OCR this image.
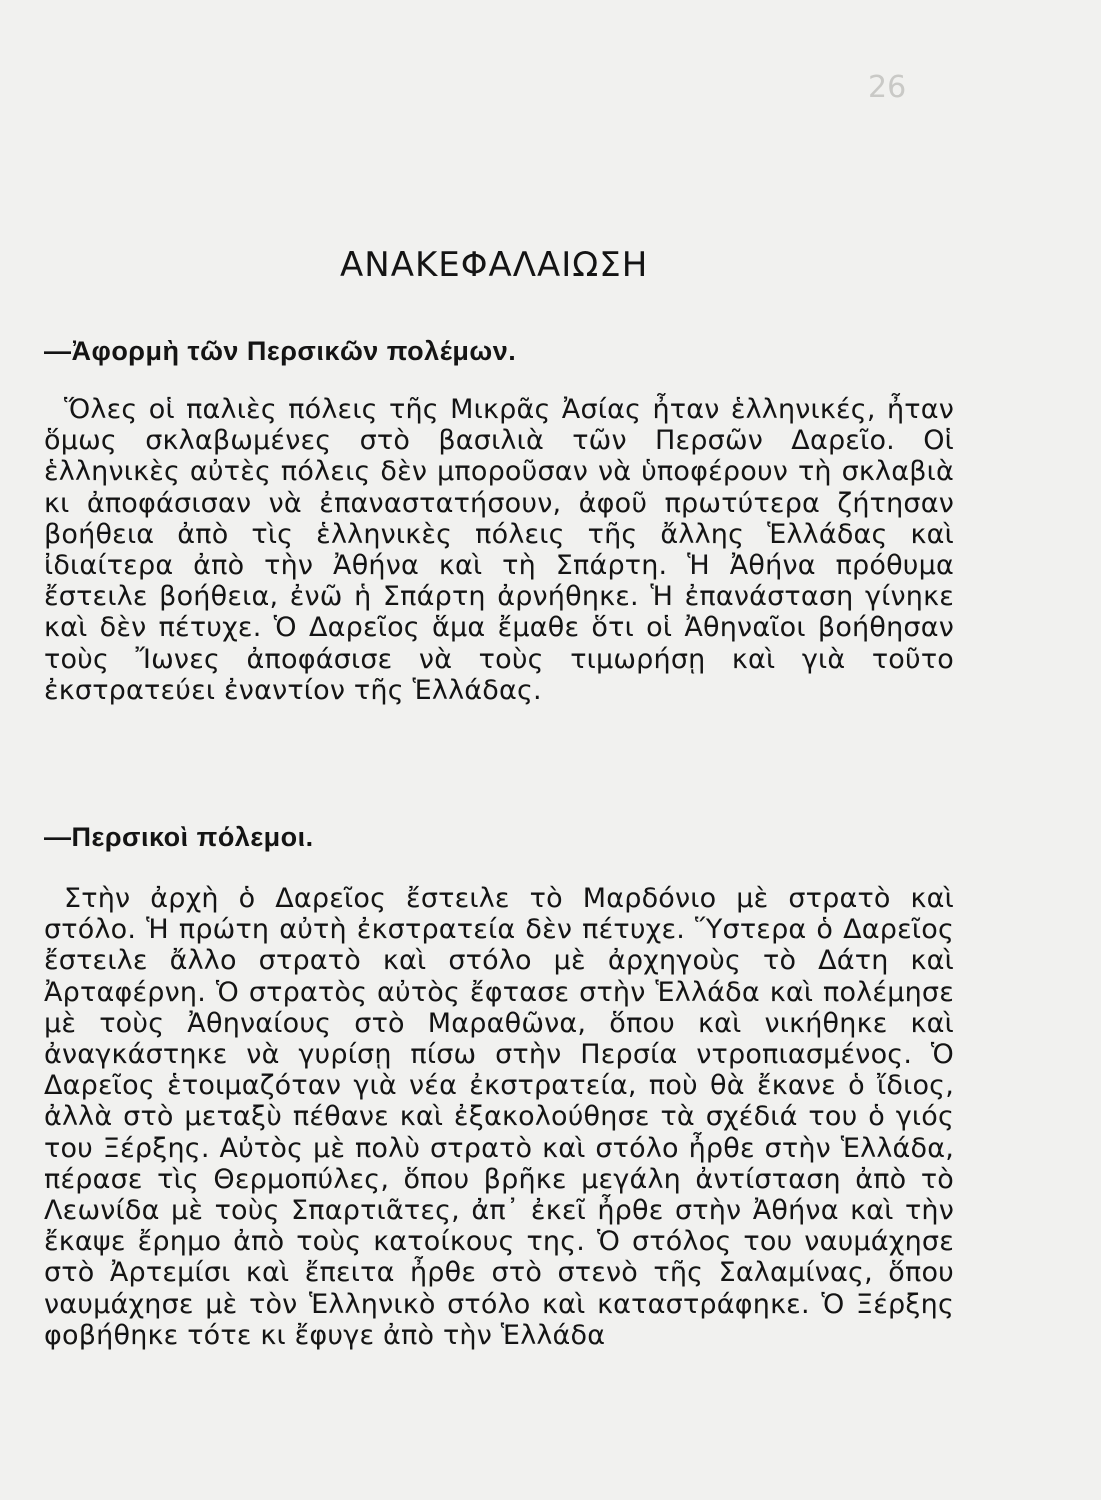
26
ΑΝΑΚΕΦΑΛΑΙΩΣΗ
—Ἀφορμὴ τῶν Περσικῶν πολέμων.

Ὅλες οἱ παλιὲς πόλεις τῆς Μικρᾶς Ἀσίας ἦταν ἑλληνικές, ἦταν ὅμως σκλαβωμένες στὸ βασιλιὰ τῶν Περσῶν Δαρεῖο. Οἱ ἑλληνικὲς αὐτὲς πόλεις δὲν μποροῦσαν νὰ ὑποφέρουν τὴ σκλαβιὰ κι ἀποφάσισαν νὰ ἐπαναστατήσουν, ἀφοῦ πρωτύτερα ζήτησαν βοήθεια ἀπὸ τὶς ἑλληνικὲς πόλεις τῆς ἄλλης Ἑλλάδας καὶ ἰδιαίτερα ἀπὸ τὴν Ἀθήνα καὶ τὴ Σπάρτη. Ἡ Ἀθήνα πρόθυμα ἔστειλε βοήθεια, ἐνῶ ἡ Σπάρτη ἀρνήθηκε. Ἡ ἐπανάσταση γίνηκε καὶ δὲν πέτυχε. Ὁ Δαρεῖος ἅμα ἔμαθε ὅτι οἱ Ἀθηναῖοι βοήθησαν τοὺς Ἴωνες ἀποφάσισε νὰ τοὺς τιμωρήσῃ καὶ γιὰ τοῦτο ἐκστρατεύει ἐναντίον τῆς Ἑλλάδας.

—Περσικοὶ πόλεμοι.

Στὴν ἀρχὴ ὁ Δαρεῖος ἔστειλε τὸ Μαρδόνιο μὲ στρατὸ καὶ στόλο. Ἡ πρώτη αὐτὴ ἐκστρατεία δὲν πέτυχε. Ὕστερα ὁ Δαρεῖος ἔστειλε ἄλλο στρατὸ καὶ στόλο μὲ ἀρχηγοὺς τὸ Δάτη καὶ Ἀρταφέρνη. Ὁ στρατὸς αὐτὸς ἔφτασε στὴν Ἑλλάδα καὶ πολέμησε μὲ τοὺς Ἀθηναίους στὸ Μαραθῶνα, ὅπου καὶ νικήθηκε καὶ ἀναγκάστηκε νὰ γυρίσῃ πίσω στὴν Περσία ντροπιασμένος. Ὁ Δαρεῖος ἑτοιμαζόταν γιὰ νέα ἐκστρατεία, ποὺ θὰ ἔκανε ὁ ἴδιος, ἀλλὰ στὸ μεταξὺ πέθανε καὶ ἐξακολούθησε τὰ σχέδιά του ὁ γιός του Ξέρξης. Αὐτὸς μὲ πολὺ στρατὸ καὶ στόλο ἦρθε στὴν Ἑλλάδα, πέρασε τὶς Θερμοπύλες, ὅπου βρῆκε μεγάλη ἀντίσταση ἀπὸ τὸ Λεωνίδα μὲ τοὺς Σπαρτιᾶτες, ἀπ᾽ ἐκεῖ ἦρθε στὴν Ἀθήνα καὶ τὴν ἔκαψε ἔρημο ἀπὸ τοὺς κατοίκους της. Ὁ στόλος του ναυμάχησε στὸ Ἀρτεμίσι καὶ ἔπειτα ἦρθε στὸ στενὸ τῆς Σαλαμίνας, ὅπου ναυμάχησε μὲ τὸν Ἑλληνικὸ στόλο καὶ καταστράφηκε. Ὁ Ξέρξης φοβήθηκε τότε κι ἔφυγε ἀπὸ τὴν Ἑλλάδα
